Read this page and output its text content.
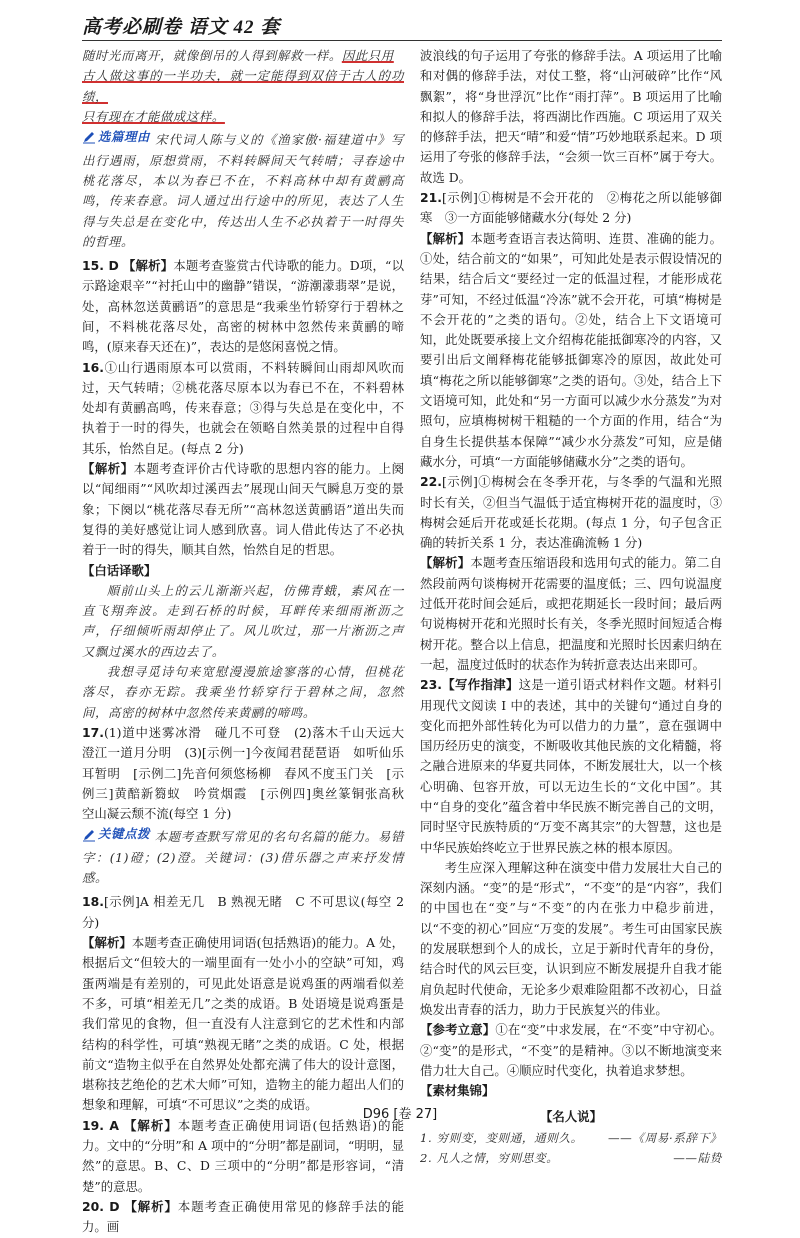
高考必刷卷 语文 42 套

随时光而离开，就像倒吊的人得到解救一样。因此只用
古人做这事的一半功夫，就一定能得到双倍于古人的功绩，
只有现在才能做成这样。

选篇理由 宋代词人陈与义的《渔家傲·福建道中》写出行遇雨，原想赏雨，不料转瞬间天气转晴；寻春途中桃花落尽，本以为春已不在，不料高林中却有黄鹂高鸣，传来春意。词人通过出行途中的所见，表达了人生得与失总是在变化中，传达出人生不必执着于一时得失的哲理。

15. D 【解析】本题考查鉴赏古代诗歌的能力。D项，“以示路途艰辛”“衬托山中的幽静”错误，“游潮濛翡翠”是说，处，高林忽送黄鹂语”的意思是“我乘坐竹轿穿行于碧林之间，不料桃花落尽处，高密的树林中忽然传来黄鹂的啼鸣，(原来春天还在)”，表达的是悠闲喜悦之情。

16.①山行遇雨原本可以赏雨，不料转瞬间山雨却风吹而过，天气转晴；②桃花落尽原本以为春已不在，不料碧林处却有黄鹂高鸣，传来春意；③得与失总是在变化中，不执着于一时的得失，也就会在领略自然美景的过程中自得其乐，怡然自足。(每点 2 分)
【解析】本题考查评价古代诗歌的思想内容的能力。上阕以“闻细雨”“风吹却过溪西去”展现山间天气瞬息万变的景象；下阕以“桃花落尽春无所”“高林忽送黄鹂语”道出失而复得的美好感觉让词人感到欣喜。词人借此传达了不必执着于一时的得失，顺其自然，怡然自足的哲思。

【白话译歌】

順前山头上的云儿渐渐兴起，仿佛青蛾，素风在一直飞翔奔波。走到石桥的时候，耳畔传来细雨淅沥之声，仔细倾听雨却停止了。风儿吹过，那一片淅沥之声又飘过溪水的西边去了。

我想寻觅诗句来宽慰漫漫旅途寥落的心情，但桃花落尽，春亦无踪。我乘坐竹轿穿行于碧林之间，忽然间，高密的树林中忽然传来黄鹂的啼鸣。

17.(1)道中迷雾冰滑　碰几不可登　(2)落木千山天远大　澄江一道月分明　(3)[示例一]今夜闻君琵琶语　如听仙乐耳暂明　[示例二]先音何须悠杨柳　春风不度玉门关　[示例三]黄醅新篘蚁　吟赏烟霞　[示例四]奥丝篆铜张高秋　空山凝云颓不流(每空 1 分)

关键点拨 本题考查默写常见的名句名篇的能力。易错字：(1)磴；(2)澄。关键词：(3)借乐器之声来抒发情感。

18.[示例]A 相差无几　B 熟视无睹　C 不可思议(每空 2 分)
【解析】本题考查正确使用词语(包括熟语)的能力。A 处，根据后文“但较大的一端里面有一处小小的空缺”可知，鸡蛋两端是有差别的，可见此处语意是说鸡蛋的两端看似差不多，可填“相差无几”之类的成语。B 处语境是说鸡蛋是我们常见的食物，但一直没有人注意到它的艺术性和内部结构的科学性，可填“熟视无睹”之类的成语。C 处，根据前文“造物主似乎在自然界处处都充满了伟大的设计意图，堪称技艺绝伦的艺术大师”可知，造物主的能力超出人们的想象和理解，可填“不可思议”之类的成语。

19. A 【解析】本题考查正确使用词语(包括熟语)的能力。文中的“分明”和 A 项中的“分明”都是副词，“明明，显然”的意思。B、C、D 三项中的“分明”都是形容词，“清楚”的意思。

20. D 【解析】本题考查正确使用常见的修辞手法的能力。画

波浪线的句子运用了夸张的修辞手法。A 项运用了比喻和对偶的修辞手法，对仗工整，将“山河破碎”比作“风飘絮”，将“身世浮沉”比作“雨打萍”。B 项运用了比喻和拟人的修辞手法，将西湖比作西施。C 项运用了双关的修辞手法，把天“晴”和爱“情”巧妙地联系起来。D 项运用了夸张的修辞手法，“会须一饮三百杯”属于夸大。故选 D。

21.[示例]①梅树是不会开花的　②梅花之所以能够御寒　③一方面能够储藏水分(每处 2 分)
【解析】本题考查语言表达简明、连贯、准确的能力。①处，结合前文的“如果”，可知此处是表示假设情况的结果，结合后文“要经过一定的低温过程，才能形成花芽”可知，不经过低温“冷冻”就不会开花，可填“梅树是不会开花的”之类的语句。②处，结合上下文语境可知，此处既要承接上文介绍梅花能抵御寒冷的内容，又要引出后文阐释梅花能够抵御寒冷的原因，故此处可填“梅花之所以能够御寒”之类的语句。③处，结合上下文语境可知，此处和“另一方面可以减少水分蒸发”为对照句，应填梅树树干粗糙的一个方面的作用，结合“为自身生长提供基本保障”“减少水分蒸发”可知，应是储藏水分，可填“一方面能够储藏水分”之类的语句。

22.[示例]①梅树会在冬季开花，与冬季的气温和光照时长有关，②但当气温低于适宜梅树开花的温度时，③梅树会延后开花或延长花期。(每点 1 分，句子包含正确的转折关系 1 分，表达准确流畅 1 分)
【解析】本题考查压缩语段和选用句式的能力。第二自然段前两句谈梅树开花需要的温度低；三、四句说温度过低开花时间会延后，或把花期延长一段时间；最后两句说梅树开花和光照时长有关，冬季光照时间短适合梅树开花。整合以上信息，把温度和光照时长因素归纳在一起，温度过低时的状态作为转折意表达出来即可。

23.【写作指津】这是一道引语式材料作文题。材料引用现代文阅读 I 中的表述，其中的关键句“通过自身的变化而把外部性转化为可以借力的力量”，意在强调中国历经历史的演变，不断吸收其他民族的文化精髓，将之融合进原来的华夏共同体，不断发展壮大，以一个核心明确、包容开放，可以无边生长的“文化中国”。其中“自身的变化”蕴含着中华民族不断完善自己的文明，同时坚守民族特质的“万变不离其宗”的大智慧，这也是中华民族始终屹立于世界民族之林的根本原因。

考生应深入理解这种在演变中借力发展壮大自己的深刻内涵。“变”的是“形式”，“不变”的是“内容”，我们的中国也在“变”与“不变”的内在张力中稳步前进，以“不变的初心”回应“万变的发展”。考生可由国家民族的发展联想到个人的成长，立足于新时代青年的身份，结合时代的风云巨变，认识到应不断发展提升自我才能肩负起时代使命，无论多少艰难险阻都不改初心，日益焕发出青春的活力，助力于民族复兴的伟业。

【参考立意】①在“变”中求发展，在“不变”中守初心。②“变”的是形式，“不变”的是精神。③以不断地演变来借力壮大自己。④顺应时代变化，执着追求梦想。

【素材集锦】

【名人说】

1. 穷则变，变则通，通则久。 ——《周易·系辞下》
2. 凡人之情，穷则思变。	——陆贽
D96 [卷 27]
